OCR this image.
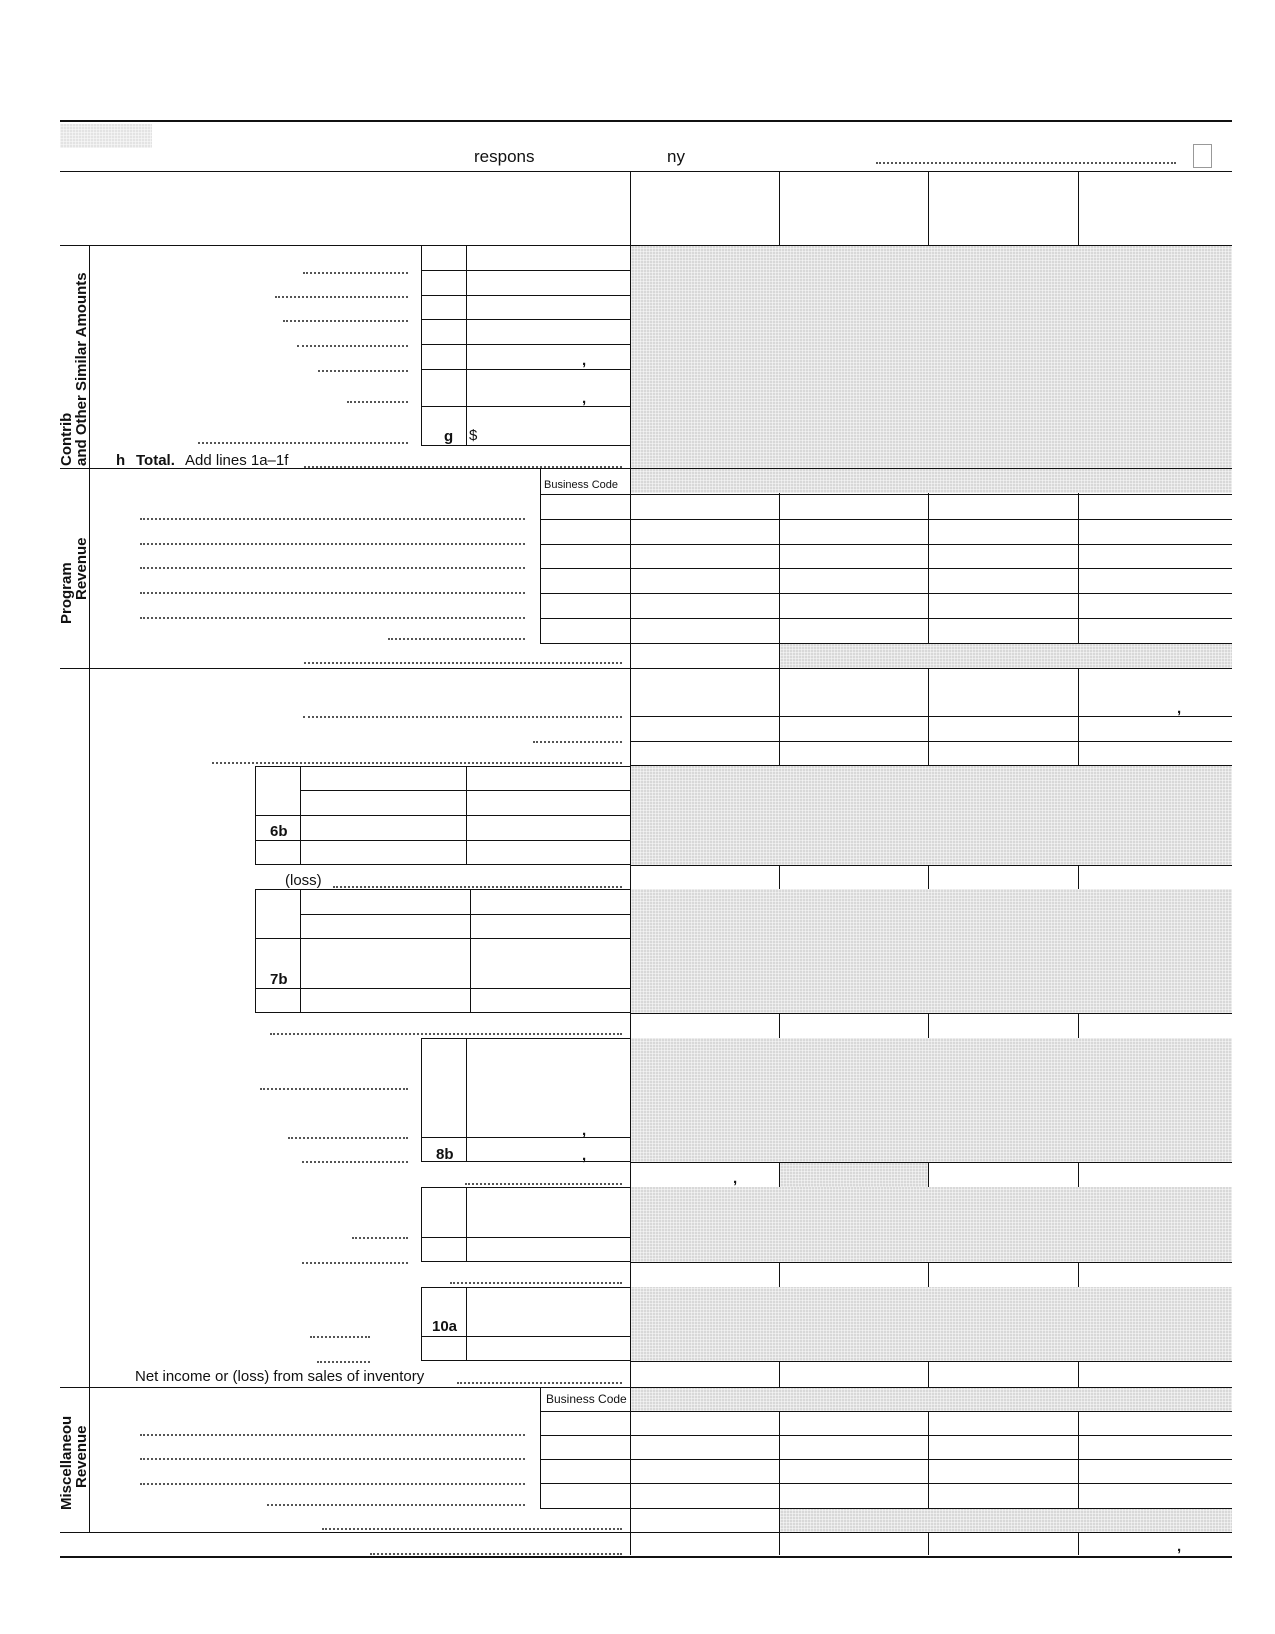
respons	ny
Contrib
and Other Similar Amounts	,
,
g $
h Total. Add lines 1a–1f
Program
Revenue
Business Code
,
6b
(loss)
7b
8b
,
,
,
10a
Net income or (loss) from sales of inventory
Miscellaneou
Revenue
Business Code
,
